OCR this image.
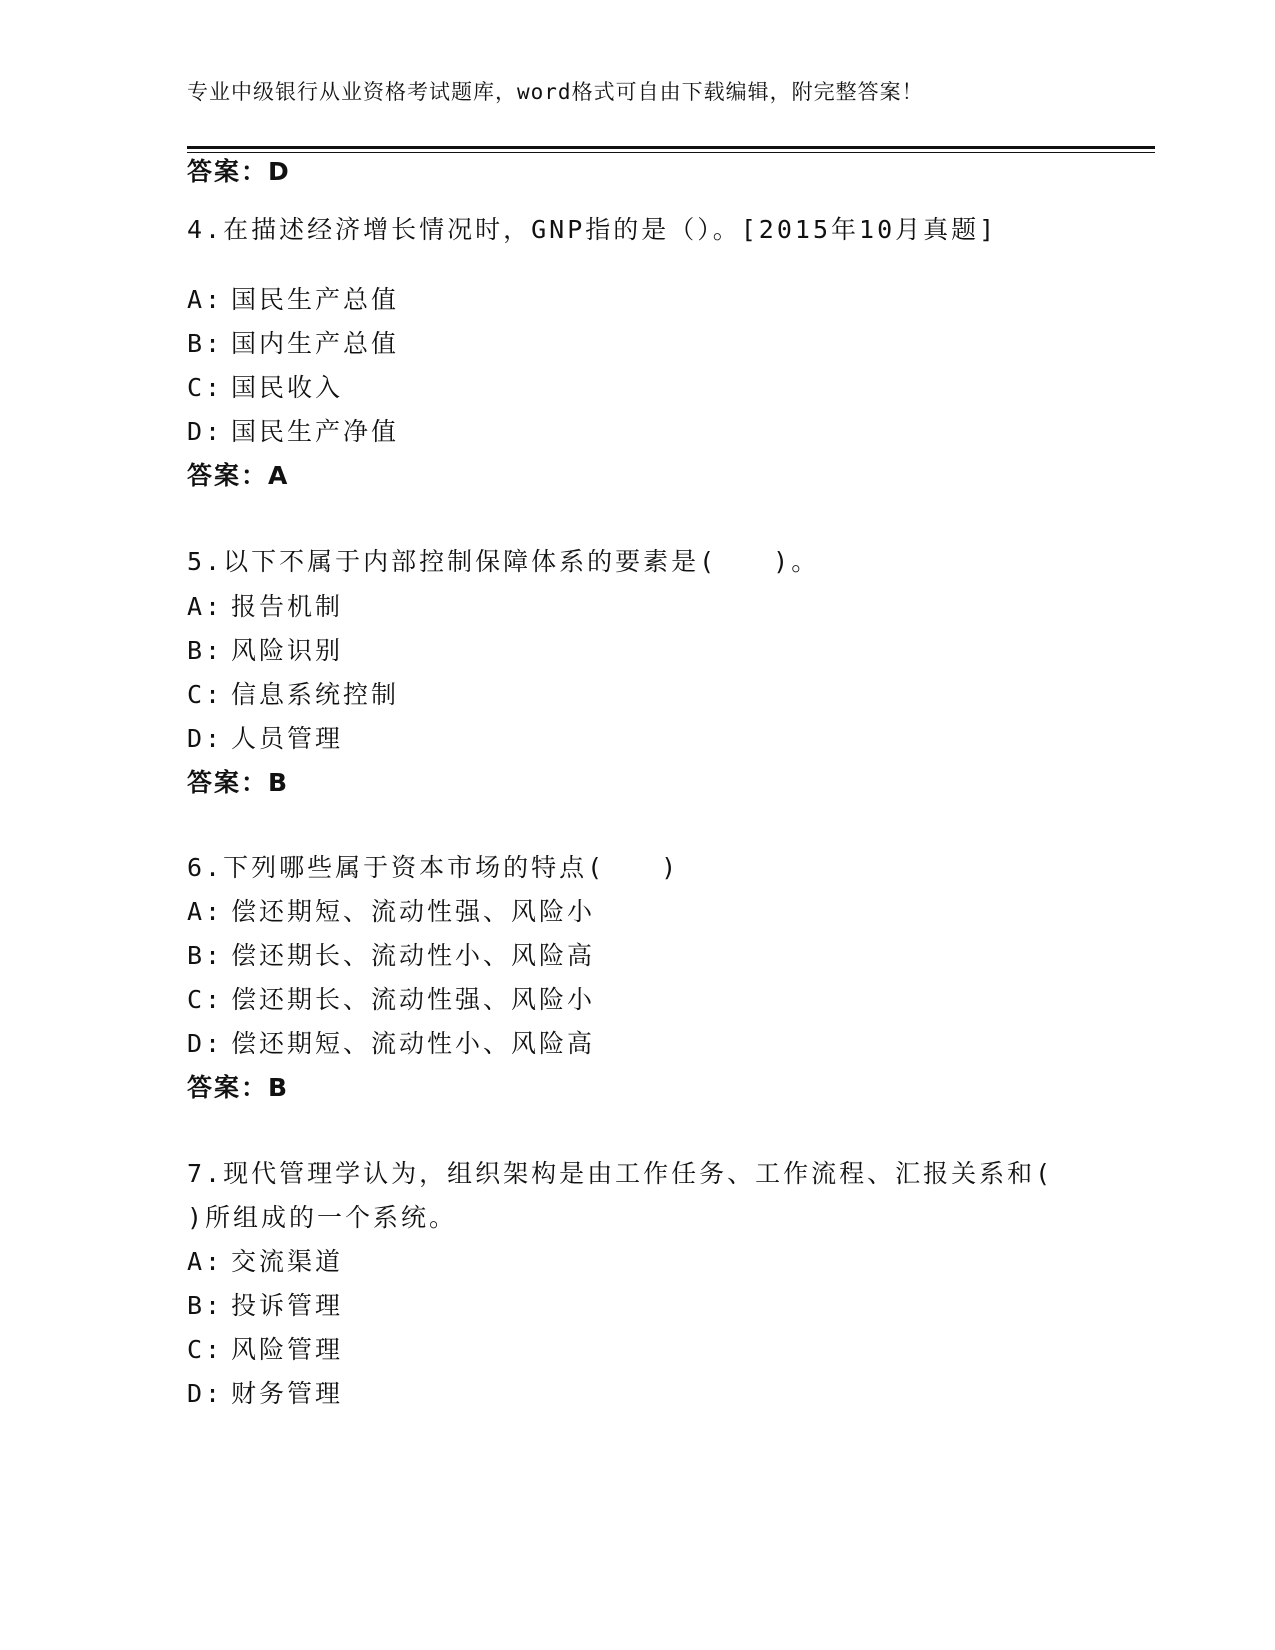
专业中级银行从业资格考试题库，word格式可自由下载编辑，附完整答案！
答案：D
4.在描述经济增长情况时，GNP指的是（）。[2015年10月真题]
A: 国民生产总值
B: 国内生产总值
C: 国民收入
D: 国民生产净值
答案：A
5.以下不属于内部控制保障体系的要素是(　　)。
A: 报告机制
B: 风险识别
C: 信息系统控制
D: 人员管理
答案：B
6.下列哪些属于资本市场的特点(　　)
A: 偿还期短、流动性强、风险小
B: 偿还期长、流动性小、风险高
C: 偿还期长、流动性强、风险小
D: 偿还期短、流动性小、风险高
答案：B
7.现代管理学认为，组织架构是由工作任务、工作流程、汇报关系和(
)所组成的一个系统。
A: 交流渠道
B: 投诉管理
C: 风险管理
D: 财务管理
